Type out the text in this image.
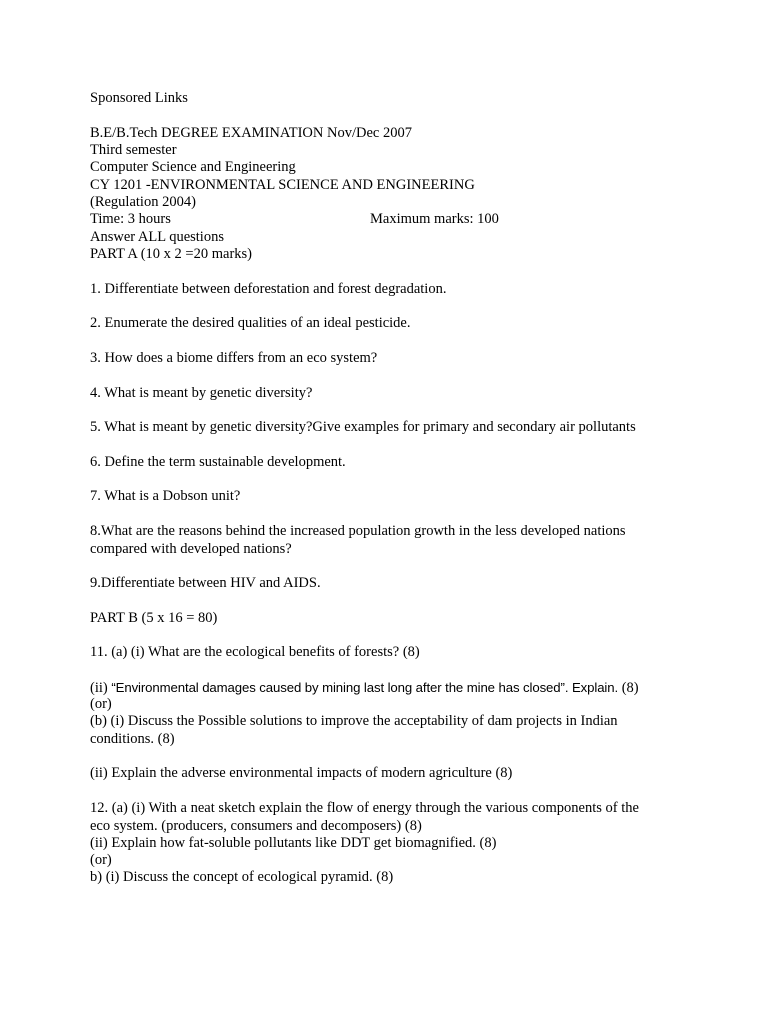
Sponsored Links
B.E/B.Tech DEGREE EXAMINATION Nov/Dec 2007
Third semester
Computer Science and Engineering
CY 1201 -ENVIRONMENTAL SCIENCE AND ENGINEERING
(Regulation 2004)
Time: 3 hours	Maximum marks: 100
Answer ALL questions
PART A (10 x 2 =20 marks)
1. Differentiate between deforestation and forest degradation.
2. Enumerate the desired qualities of an ideal pesticide.
3. How does a biome differs from an eco system?
4. What is meant by genetic diversity?
5. What is meant by genetic diversity?Give examples for primary and secondary air pollutants
6. Define the term sustainable development.
7. What is a Dobson unit?
8.What are the reasons behind the increased population growth in the less developed nations
compared with developed nations?
9.Differentiate between HIV and AIDS.
PART B (5 x 16 = 80)
11. (a) (i) What are the ecological benefits of forests? (8)
(ii) “Environmental damages caused by mining last long after the mine has closed”. Explain. (8)
(or)
(b) (i) Discuss the Possible solutions to improve the acceptability of dam projects in Indian
conditions. (8)
(ii) Explain the adverse environmental impacts of modern agriculture (8)
12. (a) (i) With a neat sketch explain the flow of energy through the various components of the
eco system. (producers, consumers and decomposers) (8)
(ii) Explain how fat-soluble pollutants like DDT get biomagnified. (8)
(or)
b) (i) Discuss the concept of ecological pyramid. (8)
